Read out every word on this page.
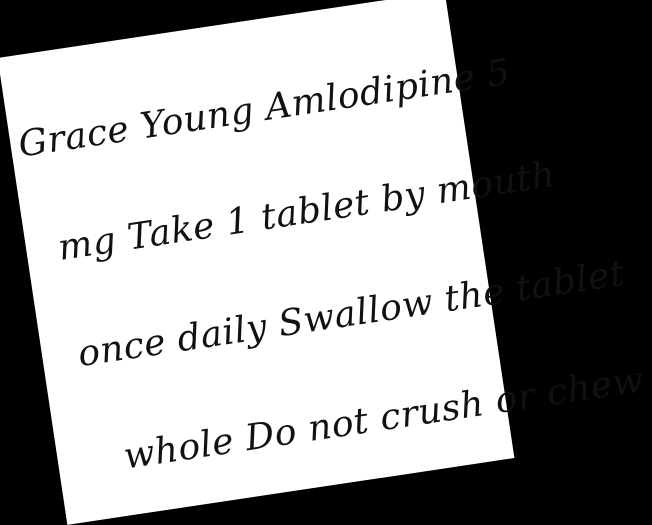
Grace Young Amlodipine 5
mg Take 1 tablet by mouth
once daily Swallow the tablet
whole Do not crush or chew
